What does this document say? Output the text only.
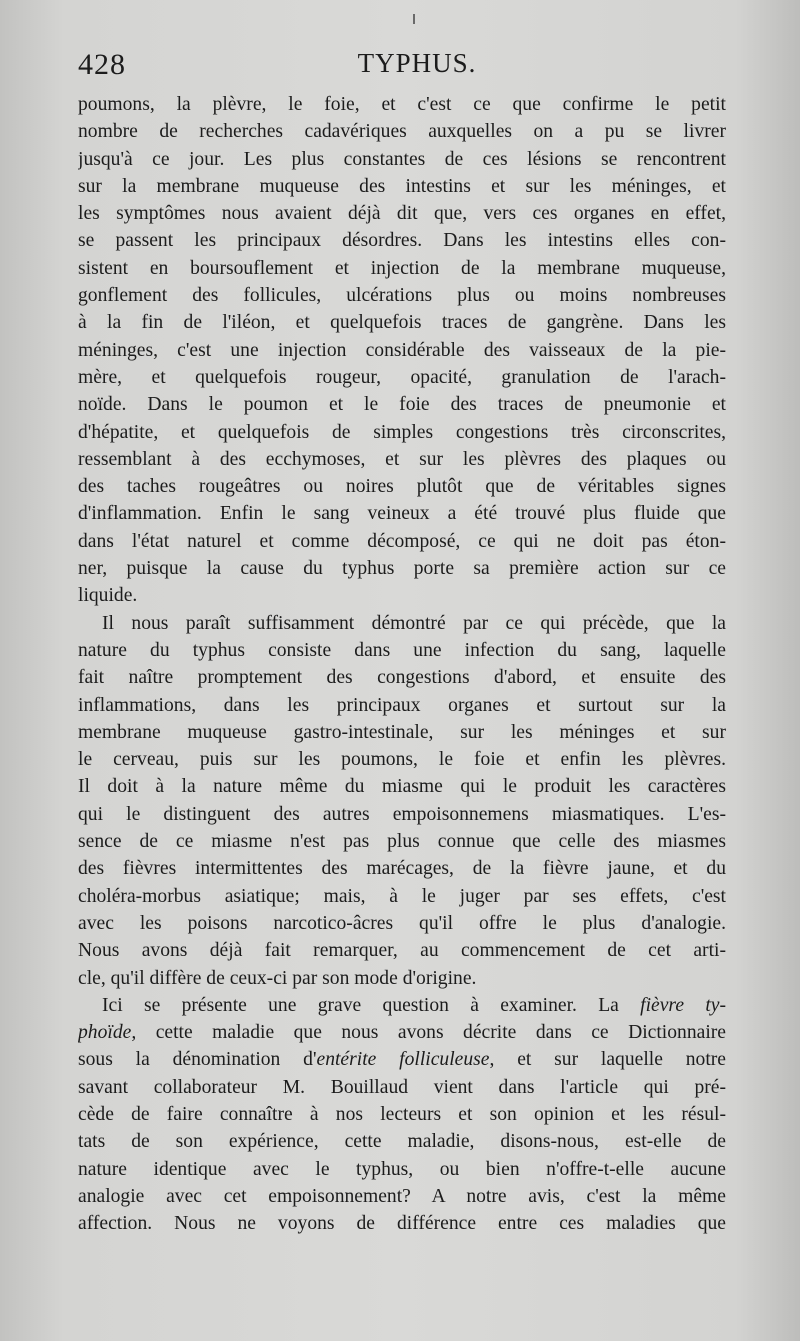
428	TYPHUS.
poumons, la plèvre, le foie, et c'est ce que confirme le petit
nombre de recherches cadavériques auxquelles on a pu se livrer
jusqu'à ce jour. Les plus constantes de ces lésions se rencontrent
sur la membrane muqueuse des intestins et sur les méninges, et
les symptômes nous avaient déjà dit que, vers ces organes en effet,
se passent les principaux désordres. Dans les intestins elles con-
sistent en boursouflement et injection de la membrane muqueuse,
gonflement des follicules, ulcérations plus ou moins nombreuses
à la fin de l'iléon, et quelquefois traces de gangrène. Dans les
méninges, c'est une injection considérable des vaisseaux de la pie-
mère, et quelquefois rougeur, opacité, granulation de l'arach-
noïde. Dans le poumon et le foie des traces de pneumonie et
d'hépatite, et quelquefois de simples congestions très circonscrites,
ressemblant à des ecchymoses, et sur les plèvres des plaques ou
des taches rougeâtres ou noires plutôt que de véritables signes
d'inflammation. Enfin le sang veineux a été trouvé plus fluide que
dans l'état naturel et comme décomposé, ce qui ne doit pas éton-
ner, puisque la cause du typhus porte sa première action sur ce
liquide.
Il nous paraît suffisamment démontré par ce qui précède, que la
nature du typhus consiste dans une infection du sang, laquelle
fait naître promptement des congestions d'abord, et ensuite des
inflammations, dans les principaux organes et surtout sur la
membrane muqueuse gastro-intestinale, sur les méninges et sur
le cerveau, puis sur les poumons, le foie et enfin les plèvres.
Il doit à la nature même du miasme qui le produit les caractères
qui le distinguent des autres empoisonnemens miasmatiques. L'es-
sence de ce miasme n'est pas plus connue que celle des miasmes
des fièvres intermittentes des marécages, de la fièvre jaune, et du
choléra-morbus asiatique; mais, à le juger par ses effets, c'est
avec les poisons narcotico-âcres qu'il offre le plus d'analogie.
Nous avons déjà fait remarquer, au commencement de cet arti-
cle, qu'il diffère de ceux-ci par son mode d'origine.
Ici se présente une grave question à examiner. La fièvre ty-
phoïde, cette maladie que nous avons décrite dans ce Dictionnaire
sous la dénomination d'entérite folliculeuse, et sur laquelle notre
savant collaborateur M. Bouillaud vient dans l'article qui pré-
cède de faire connaître à nos lecteurs et son opinion et les résul-
tats de son expérience, cette maladie, disons-nous, est-elle de
nature identique avec le typhus, ou bien n'offre-t-elle aucune
analogie avec cet empoisonnement? A notre avis, c'est la même
affection. Nous ne voyons de différence entre ces maladies que
